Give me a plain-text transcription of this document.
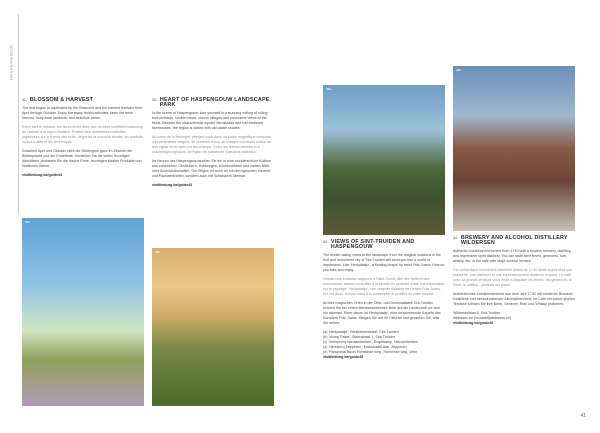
HASPENGOUW
41. BLOSSOM & HARVEST

The fruit region is captivated by the blossoms and the harvest festivals from April through October. Enjoy the many fruitful activities, taste the fresh harvest, fruity local products, and delicious wines.

Entre avril et octobre, les fleurs et les fêtes des récoltes confèrent beaucoup de charme à la région fruitière. Profitez des nombreuses activités organisées sur le thème des fruits, dégustez la nouvelle récolte, les produits locaux fruités et les vins exquis.

Zwischen April und Oktober zieht die Obstregion ganz im Zeichen der Blütenpracht und der Erntefeste. Genießen Sie die vielen fruchtigen Aktivitäten, probieren Sie die frische Ernte, fruchtigen lokalen Produkte und köstlichen Weine.

visitlimburg.be/guide43

42. HEART OF HASPENGOUW LANDSCAPE PARK

In the centre of Haspengouw, lose yourself in a stunning setting of rolling fruit orchards, sunken lanes, church villages and panoramic views of the fields. Besides the characteristic square farmsteads and half-timbered farmhouses, the region is dotted with old castle estates.

Au cœur de la Hesbaye, plongez-vous dans un cadre magnifique composé d'innombrables vergers, de chemins creux, de villages construits autour de leur église et de vues sur les champs. Outre les fermes carrées et à colombages typiques, la région est parsemée d'anciens châteaux.

Im Herzen des Haspengaus tauchen Sie ein in eine wunderschöne Kulisse aus zahlreichen Obstfeldern, Hohlwegen, Kirchendörfern und weiten Blick über Ackerlandschaften. Die Region ist reich an mit den typischen Vierseit- und Fachwerkhöfen, sondern auch mit Schlössern übersät.

visitlimburg.be/guide43

41a
42a
43a
44a
43. VIEWS OF SINT-TRUIDEN AND HASPENGOUW

The breath-taking views of the landscape from the magical locations in the fruit and monument city of Sint-Truiden will send you into a world of daydreams. Like 'Herkplaatje', a floating chapel by artist Fritz Juans. How do you take and enjoy.

Depuis cinq endroits magiques à Saint-Trond, ville des fruits et des monuments, laissez-vous aller à la rêverie en profitant d'une vue imprenable sur le paysage. 'Herkplaatje', une chapelle flottante de l'artiste Fritz Juans, est l'un deux. Arrivez-vous à la contempler et profitez de votre beauté.

An fünf magischen Orten in der Obst- und Denkmalstadt Sint-Truiden können Sie bei einem atemberaubenden Blick auf die Landschaft vor sich hin träumen. Einer davon ist 'Herkplaatje', eine schwimmende Kapelle des Künstlers Fritz Juans. Steigen Sie auf Ihr Fahrrad und genießen Sie, was Sie sehen.

(a) 'Herkplaatje', Herkkerkenstraat, Sint-Truiden
(b) 'Viking Tower', Steenstraat 1, Sint-Truiden
(c) 'Vierspronq Nieuwerkerken', Engelbamp, Nieuwerkerken
(d) 'Herinkerq Zepperen', Kerkstraat/Laan, Zepperen
(e) 'Panorama Buurs Romeinse weg', Romeinse weg, Velm

visitlimburg.be/guide45

44. BREWERY AND ALCOHOL DISTILLERY WILDERSEN

Authentic industrial monument from 1740 with a modern brewery, distillery, and impressive spirit distillery. You can taste their beers, genevers, rum, whisky, etc. in the cafe with large outdoor terrace.

Cet authentique monument industriel datant de 1740 abrite aujourd'hui une brasserie, une distillerie et une impressionnante distillerie d'alcool. Le café avec sa grande terrasse vous invite à déguster les bières, les genièvres, le rhum, le whisky... produits sur place.

Authentisches Industriedenkmal aus dem Jahr 1740 mit moderner Brauerei, Destillerie und beeindruckender Alkoholbrennerei. Im Café mit seiner großen Terrasse können Sie ihre Biere, Genever, Rum und Whisky probieren.

Wildersenlaan 6, Sint-Truiden

wildersen.be (brouwerijwildersen.be)

visitlimburg.be/guide46

41
